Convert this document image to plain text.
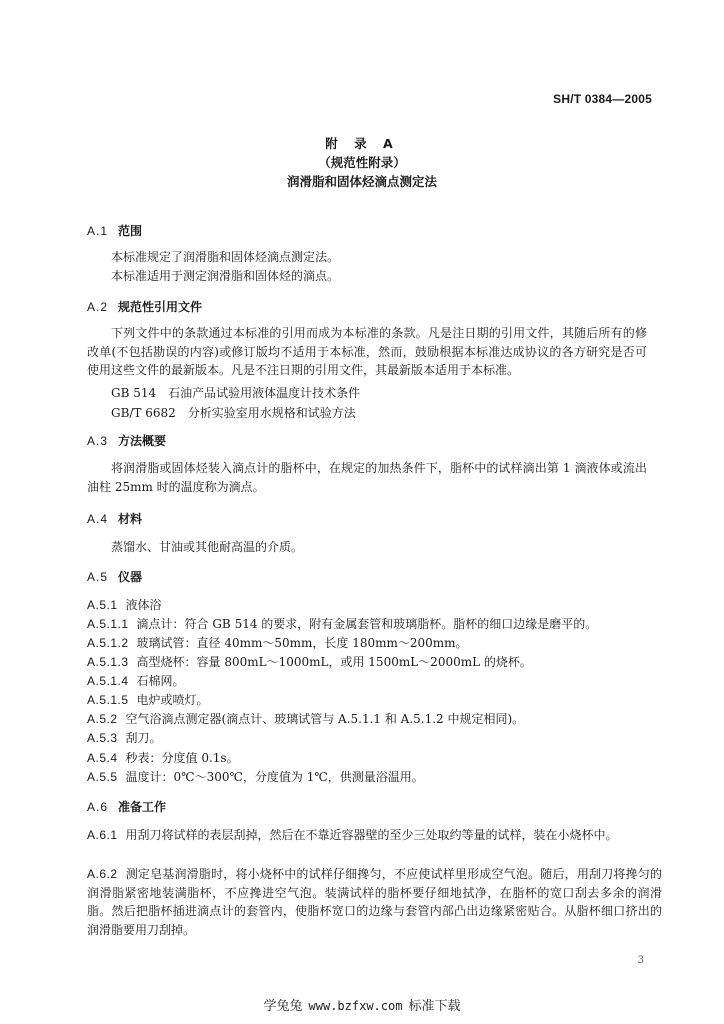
SH/T 0384—2005
附 录 A
（规范性附录）
润滑脂和固体烃滴点测定法
A.1 范围
本标准规定了润滑脂和固体烃滴点测定法。
本标准适用于测定润滑脂和固体烃的滴点。
A.2 规范性引用文件
下列文件中的条款通过本标准的引用而成为本标准的条款。凡是注日期的引用文件，其随后所有的修改单(不包括勘误的内容)或修订版均不适用于本标准，然而，鼓励根据本标准达成协议的各方研究是否可使用这些文件的最新版本。凡是不注日期的引用文件，其最新版本适用于本标准。
GB 514　石油产品试验用液体温度计技术条件
GB/T 6682　分析实验室用水规格和试验方法
A.3 方法概要
将润滑脂或固体烃装入滴点计的脂杯中，在规定的加热条件下，脂杯中的试样滴出第 1 滴液体或流出油柱 25mm 时的温度称为滴点。
A.4 材料
蒸馏水、甘油或其他耐高温的介质。
A.5 仪器
A.5.1 液体浴
A.5.1.1 滴点计：符合 GB 514 的要求，附有金属套管和玻璃脂杯。脂杯的细口边缘是磨平的。
A.5.1.2 玻璃试管：直径 40mm～50mm，长度 180mm～200mm。
A.5.1.3 高型烧杯：容量 800mL～1000mL，或用 1500mL～2000mL 的烧杯。
A.5.1.4 石棉网。
A.5.1.5 电炉或喷灯。
A.5.2 空气浴滴点测定器(滴点计、玻璃试管与 A.5.1.1 和 A.5.1.2 中规定相同)。
A.5.3 刮刀。
A.5.4 秒表：分度值 0.1s。
A.5.5 温度计：0℃～300℃，分度值为 1℃，供测量浴温用。
A.6 准备工作
A.6.1 用刮刀将试样的表层刮掉，然后在不靠近容器壁的至少三处取约等量的试样，装在小烧杯中。
A.6.2 测定皂基润滑脂时，将小烧杯中的试样仔细搀匀，不应使试样里形成空气泡。随后，用刮刀将搀匀的润滑脂紧密地装满脂杯，不应搀进空气泡。装满试样的脂杯要仔细地拭净，在脂杯的宽口刮去多余的润滑脂。然后把脂杯插进滴点计的套管内，使脂杯宽口的边缘与套管内部凸出边缘紧密贴合。从脂杯细口挤出的润滑脂要用刀刮掉。
3
学兔兔 www.bzfxw.com 标准下载
